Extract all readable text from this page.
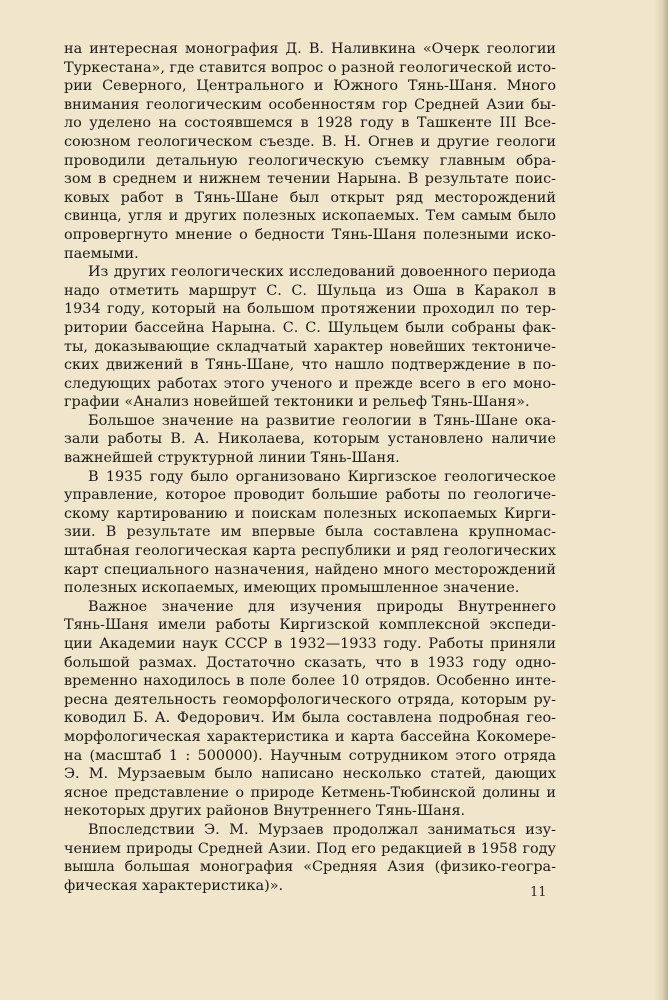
на интересная монография Д. В. Наливкина «Очерк геологии
Туркестана», где ставится вопрос о разной геологической исто-
рии Северного, Центрального и Южного Тянь-Шаня. Много
внимания геологическим особенностям гор Средней Азии бы-
ло уделено на состоявшемся в 1928 году в Ташкенте III Все-
союзном геологическом съезде. В. Н. Огнев и другие геологи
проводили детальную геологическую съемку главным обра-
зом в среднем и нижнем течении Нарына. В результате поис-
ковых работ в Тянь-Шане был открыт ряд месторождений
свинца, угля и других полезных ископаемых. Тем самым было
опровергнуто мнение о бедности Тянь-Шаня полезными иско-
паемыми.
Из других геологических исследований довоенного периода
надо отметить маршрут С. С. Шульца из Оша в Каракол в
1934 году, который на большом протяжении проходил по тер-
ритории бассейна Нарына. С. С. Шульцем были собраны фак-
ты, доказывающие складчатый характер новейших тектониче-
ских движений в Тянь-Шане, что нашло подтверждение в по-
следующих работах этого ученого и прежде всего в его моно-
графии «Анализ новейшей тектоники и рельеф Тянь-Шаня».
Большое значение на развитие геологии в Тянь-Шане ока-
зали работы В. А. Николаева, которым установлено наличие
важнейшей структурной линии Тянь-Шаня.
В 1935 году было организовано Киргизское геологическое
управление, которое проводит большие работы по геологиче-
скому картированию и поискам полезных ископаемых Кирги-
зии. В результате им впервые была составлена крупномас-
штабная геологическая карта республики и ряд геологических
карт специального назначения, найдено много месторождений
полезных ископаемых, имеющих промышленное значение.
Важное значение для изучения природы Внутреннего
Тянь-Шаня имели работы Киргизской комплексной экспеди-
ции Академии наук СССР в 1932—1933 году. Работы приняли
большой размах. Достаточно сказать, что в 1933 году одно-
временно находилось в поле более 10 отрядов. Особенно инте-
ресна деятельность геоморфологического отряда, которым ру-
ководил Б. А. Федорович. Им была составлена подробная гео-
морфологическая характеристика и карта бассейна Кокомере-
на (масштаб 1 : 500000). Научным сотрудником этого отряда
Э. М. Мурзаевым было написано несколько статей, дающих
ясное представление о природе Кетмень-Тюбинской долины и
некоторых других районов Внутреннего Тянь-Шаня.
Впоследствии Э. М. Мурзаев продолжал заниматься изу-
чением природы Средней Азии. Под его редакцией в 1958 году
вышла большая монография «Средняя Азия (физико-геогра-
фическая характеристика)».	11
